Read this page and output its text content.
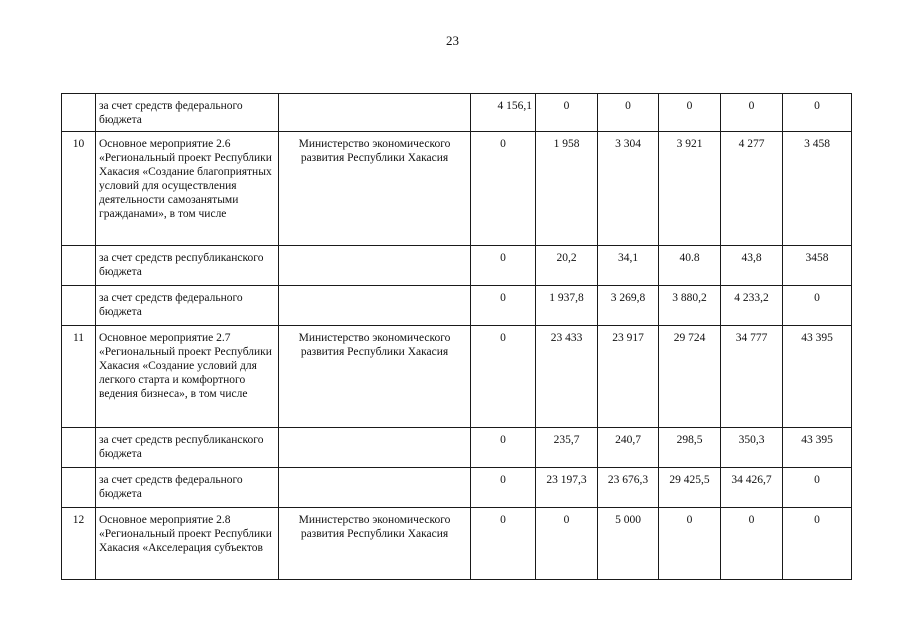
23
	за счет средств федерального бюджета		4 156,1	0	0	0	0	0
10	Основное мероприятие 2.6 «Региональный проект Республики Хакасия «Создание благоприятных условий для осуществления деятельности самозанятыми гражданами», в том числе	Министерство экономического развития Республики Хакасия	0	1 958	3 304	3 921	4 277	3 458
	за счет средств республиканского бюджета		0	20,2	34,1	40.8	43,8	3458
	за счет средств федерального бюджета		0	1 937,8	3 269,8	3 880,2	4 233,2	0
11	Основное мероприятие 2.7 «Региональный проект Республики Хакасия «Создание условий для легкого старта и комфортного ведения бизнеса», в том числе	Министерство экономического развития Республики Хакасия	0	23 433	23 917	29 724	34 777	43 395
	за счет средств республиканского бюджета		0	235,7	240,7	298,5	350,3	43 395
	за счет средств федерального бюджета		0	23 197,3	23 676,3	29 425,5	34 426,7	0
12	Основное мероприятие 2.8 «Региональный проект Республики Хакасия «Акселерация субъектов	Министерство экономического развития Республики Хакасия	0	0	5 000	0	0	0
